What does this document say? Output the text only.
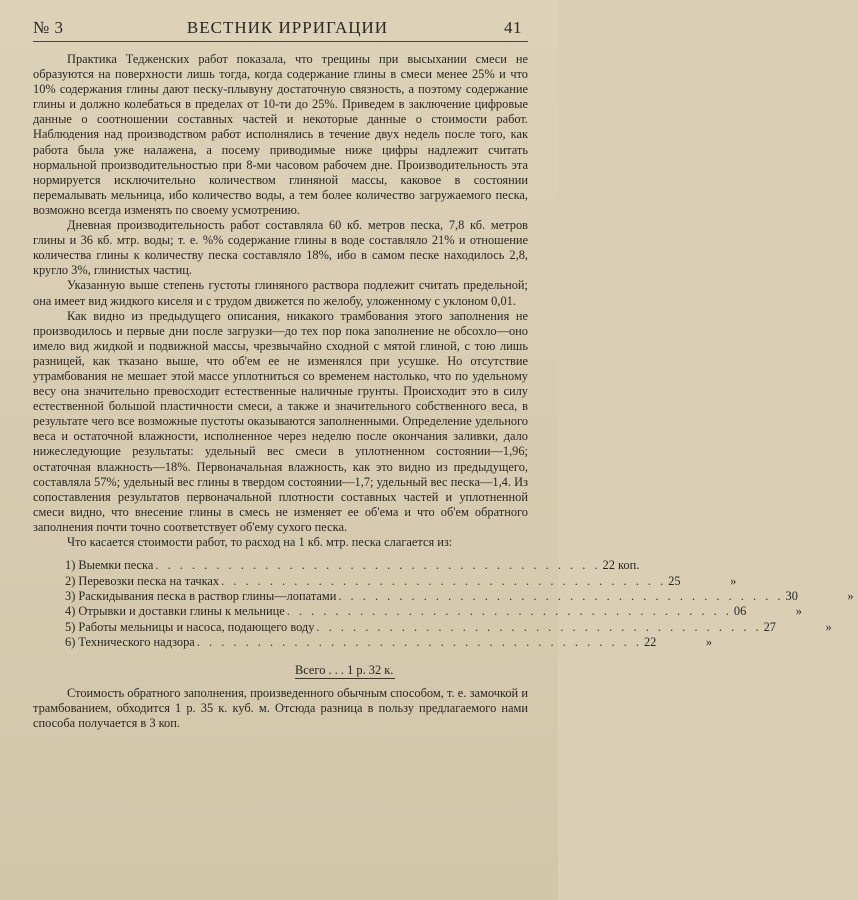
№ 3	ВЕСТНИК ИРРИГАЦИИ	41

Практика Тедженских работ показала, что трещины при высыхании смеси не образуются на поверхности лишь тогда, когда содержание глины в смеси менее 25% и что 10% содержания глины дают песку-плывуну достаточную связность, а поэтому содержание глины и должно колебаться в пределах от 10-ти до 25%. Приведем в заключение цифровые данные о соотношении составных частей и некоторые данные о стоимости работ. Наблюдения над производством работ исполнялись в течение двух недель после того, как работа была уже налажена, а посему приводимые ниже цифры надлежит считать нормальной производительностью при 8-ми часовом рабочем дне. Производительность эта нормируется исключительно количеством глиняной массы, каковое в состоянии перемалывать мельница, ибо количество воды, а тем более количество загружаемого песка, возможно всегда изменять по своему усмотрению.

Дневная производительность работ составляла 60 кб. метров песка, 7,8 кб. метров глины и 36 кб. мтр. воды; т. е. %% содержание глины в воде составляло 21% и отношение количества глины к количеству песка составляло 18%, ибо в самом песке находилось 2,8, кругло 3%, глинистых частиц.

Указанную выше степень густоты глиняного раствора подлежит считать предельной; она имеет вид жидкого киселя и с трудом движется по желобу, уложенному с уклоном 0,01.

Как видно из предыдущего описания, никакого трамбования этого заполнения не производилось и первые дни после загрузки—до тех пор пока заполнение не обсохло—оно имело вид жидкой и подвижной массы, чрезвычайно сходной с мятой глиной, с тою лишь разницей, как тказано выше, что об'ем ее не изменялся при усушке. Но отсутствие утрамбования не мешает этой массе уплотниться со временем настолько, что по удельному весу она значительно превосходит естественные наличные грунты. Происходит это в силу естественной большой пластичности смеси, а также и значительного собственного веса, в результате чего все возможные пустоты оказываются заполненными. Определение удельного веса и остаточной влажности, исполненное через неделю после окончания заливки, дало нижеследующие результаты: удельный вес смеси в уплотненном состоянии—1,96; остаточная влажность—18%. Первоначальная влажность, как это видно из предыдущего, составляла 57%; удельный вес глины в твердом состоянии—1,7; удельный вес песка—1,4. Из сопоставления результатов первоначальной плотности составных частей и уплотненной смеси видно, что внесение глины в смесь не изменяет ее об'ема и что об'ем обратного заполнения почти точно соответствует об'ему сухого песка.

Что касается стоимости работ, то расход на 1 кб. мтр. песка слагается из:

1) Выемки песка . . . . . . . . . . . . . . . . . . . . . . . . . . . . . . . . . . . . . 22 коп.
2) Перевозки песка на тачках . . . . . . . . . . . . . . . . . . . . . . . . . . . . . . . . . . . . . 25	»
3) Раскидывания песка в раствор глины—лопатами . . . . . . . . . . . . . . . . . . . . . . . . . . . . . . . . . . . . . 30	»
4) Отрывки и доставки глины к мельнице . . . . . . . . . . . . . . . . . . . . . . . . . . . . . . . . . . . . . 06	»
5) Работы мельницы и насоса, подающего воду . . . . . . . . . . . . . . . . . . . . . . . . . . . . . . . . . . . . . 27	»
6) Технического надзора . . . . . . . . . . . . . . . . . . . . . . . . . . . . . . . . . . . . . 22	»
Всего . . . 1 р. 32 к.

Стоимость обратного заполнения, произведенного обычным способом, т. е. замочкой и трамбованием, обходится 1 р. 35 к. куб. м. Отсюда разница в пользу предлагаемого нами способа получается в 3 коп.
